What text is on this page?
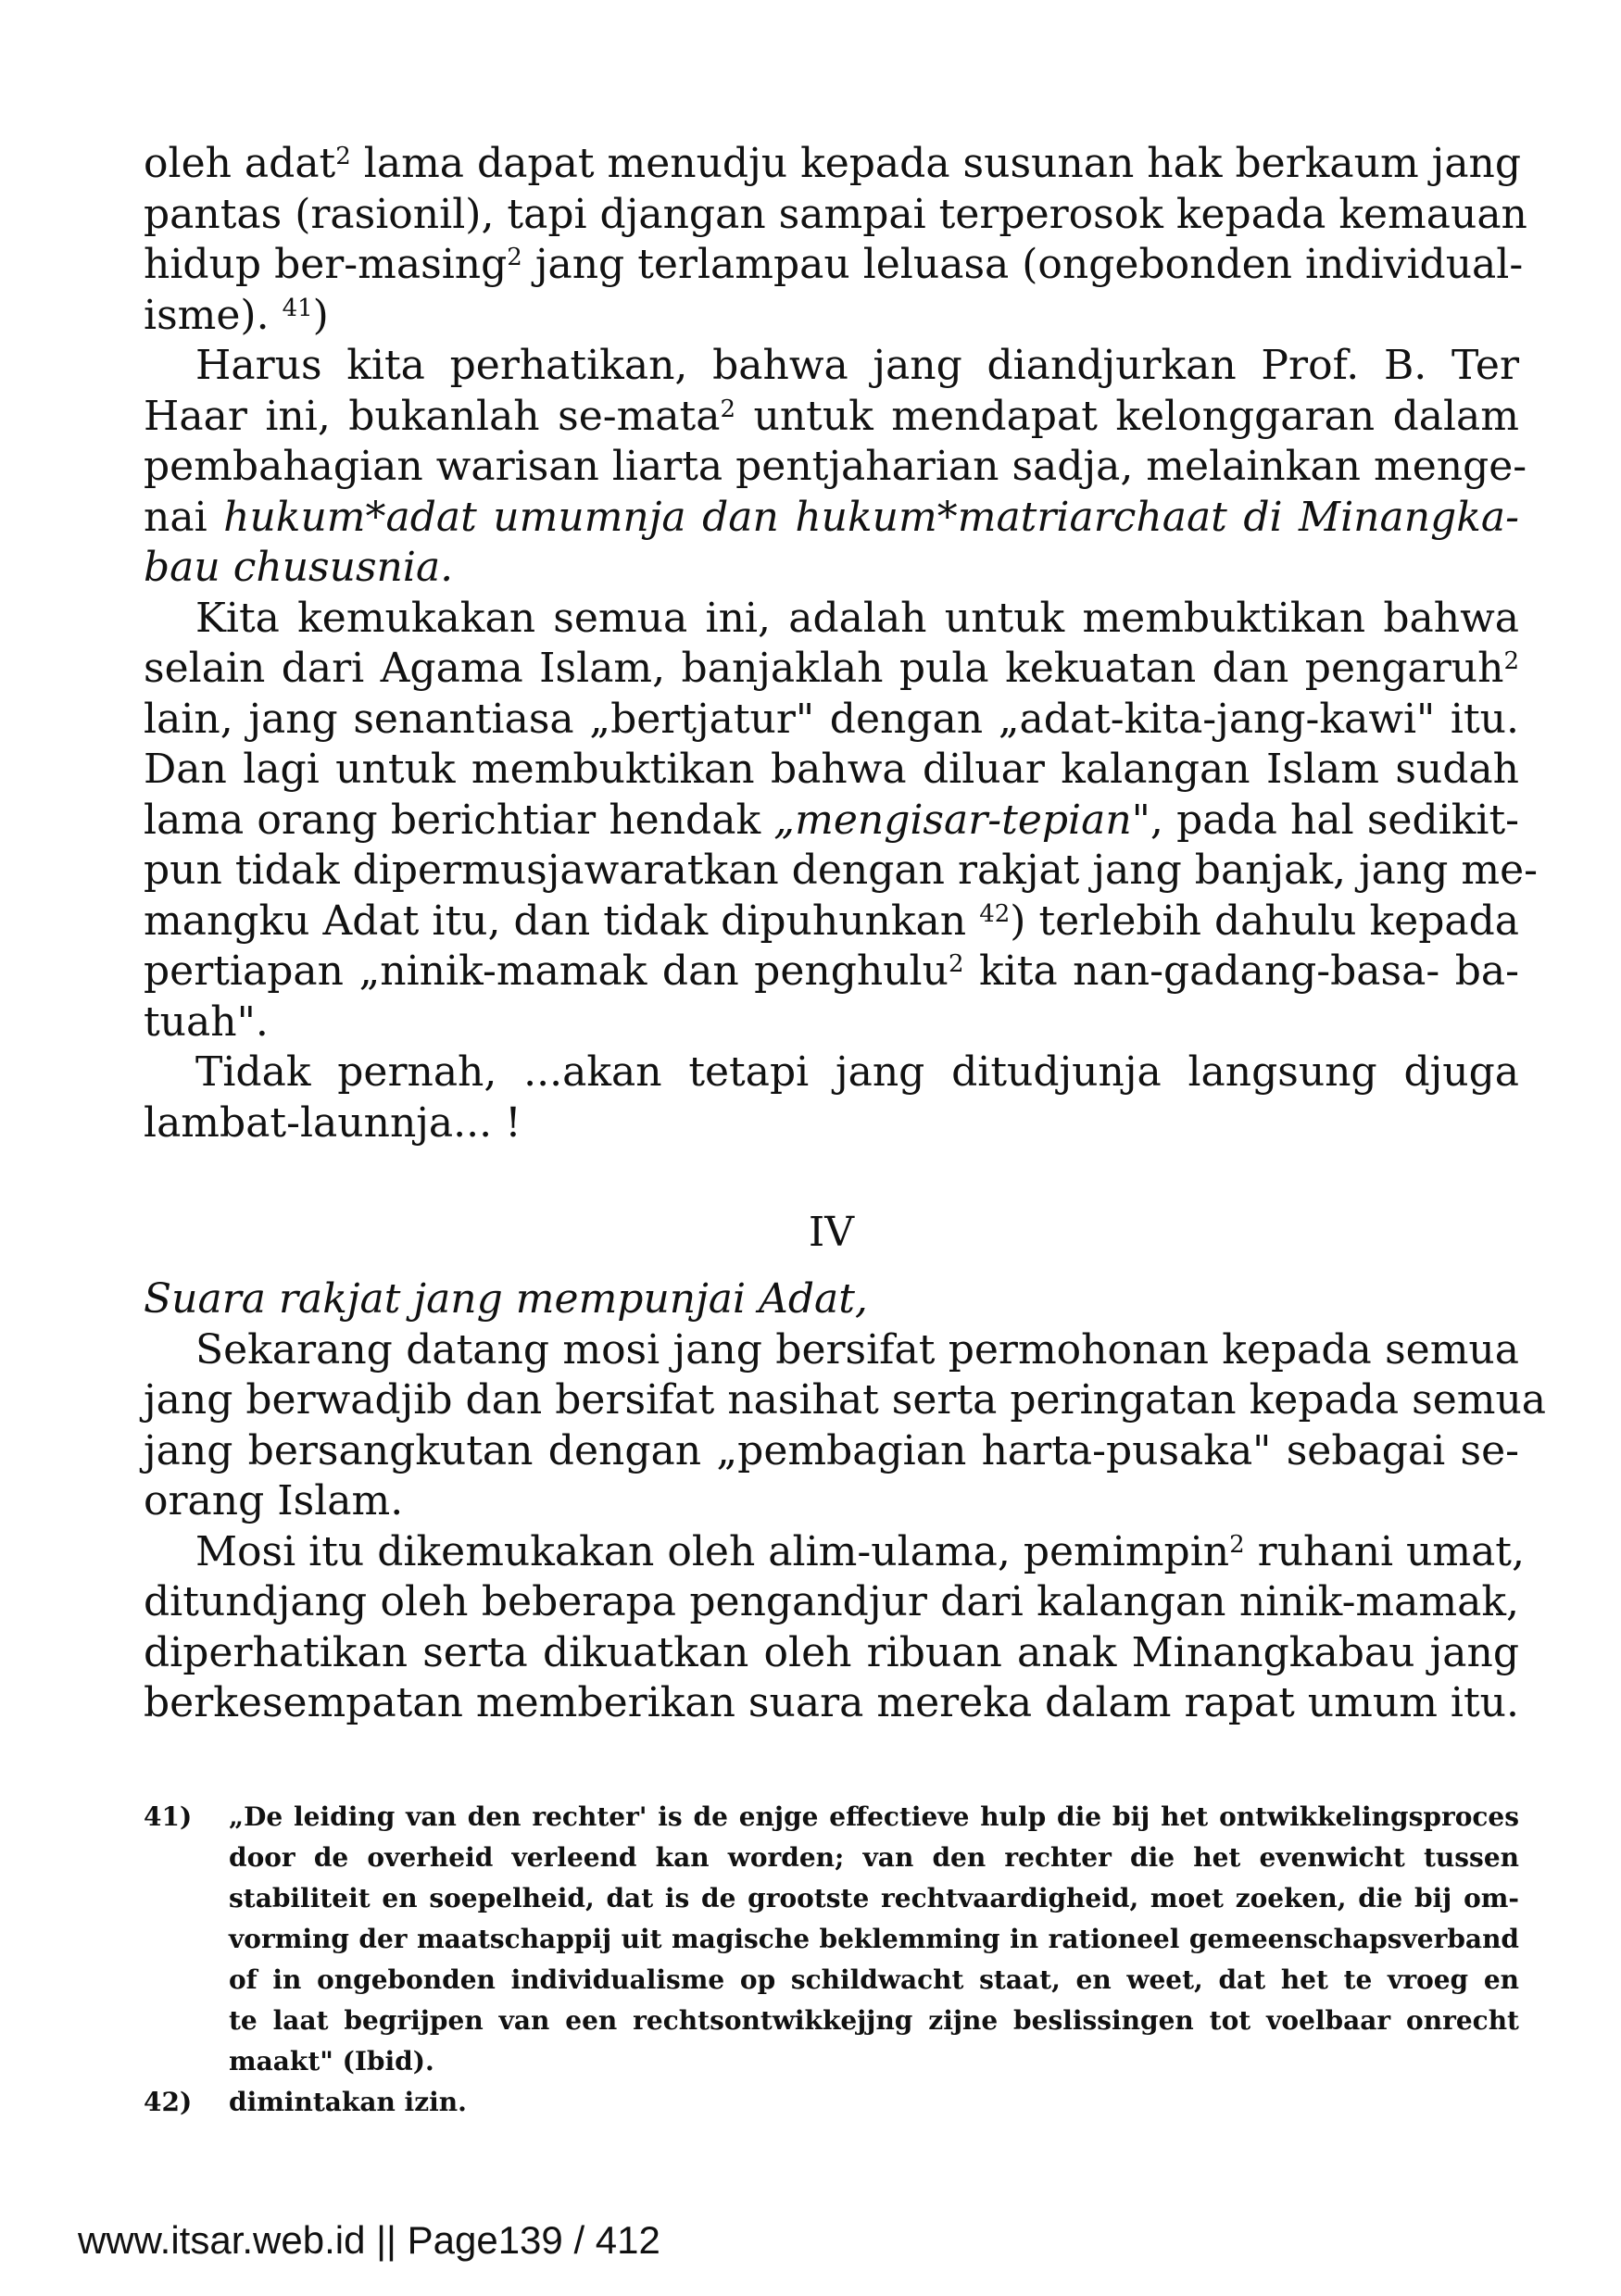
oleh adat$^2$ lama dapat menudju kepada susunan hak berkaum jang
pantas (rasionil), tapi djangan sampai terperosok kepada kemauan
hidup ber-masing$^2$ jang terlampau leluasa (ongebonden individual-
isme). $^{41}$)
Harus kita perhatikan, bahwa jang diandjurkan Prof. B. Ter
Haar ini, bukanlah se-mata$^2$ untuk mendapat kelonggaran dalam
pembahagian warisan liarta pentjaharian sadja, melainkan menge-
nai hukum*adat umumnja dan hukum*matriarchaat di Minangka-
bau chususnia.
Kita kemukakan semua ini, adalah untuk membuktikan bahwa
selain dari Agama Islam, banjaklah pula kekuatan dan pengaruh$^2$
lain, jang senantiasa „bertjatur" dengan „adat-kita-jang-kawi" itu.
Dan lagi untuk membuktikan bahwa diluar kalangan Islam sudah
lama orang berichtiar hendak „mengisar-tepian", pada hal sedikit-
pun tidak dipermusjawaratkan dengan rakjat jang banjak, jang me-
mangku Adat itu, dan tidak dipuhunkan $^{42}$) terlebih dahulu kepada
pertiapan „ninik-mamak dan penghulu$^2$ kita nan-gadang-basa- ba-
tuah".
Tidak pernah, ...akan tetapi jang ditudjunja langsung djuga
lambat-launnja... !
IV
Suara rakjat jang mempunjai Adat,
Sekarang datang mosi jang bersifat permohonan kepada semua
jang berwadjib dan bersifat nasihat serta peringatan kepada semua
jang bersangkutan dengan „pembagian harta-pusaka" sebagai se-
orang Islam.
Mosi itu dikemukakan oleh alim-ulama, pemimpin$^2$ ruhani umat,
ditundjang oleh beberapa pengandjur dari kalangan ninik-mamak,
diperhatikan serta dikuatkan oleh ribuan anak Minangkabau jang
berkesempatan memberikan suara mereka dalam rapat umum itu.
41)	„De leiding van den rechter' is de enjge effectieve hulp die bij het ontwikkelingsproces
door de overheid verleend kan worden; van den rechter die het evenwicht tussen
stabiliteit en soepelheid, dat is de grootste rechtvaardigheid, moet zoeken, die bij om-
vorming der maatschappij uit magische beklemming in rationeel gemeenschapsverband
of in ongebonden individualisme op schildwacht staat, en weet, dat het te vroeg en
te laat begrijpen van een rechtsontwikkejjng zijne beslissingen tot voelbaar onrecht
maakt" (Ibid).
42)	dimintakan izin.
www.itsar.web.id || Page139 / 412
